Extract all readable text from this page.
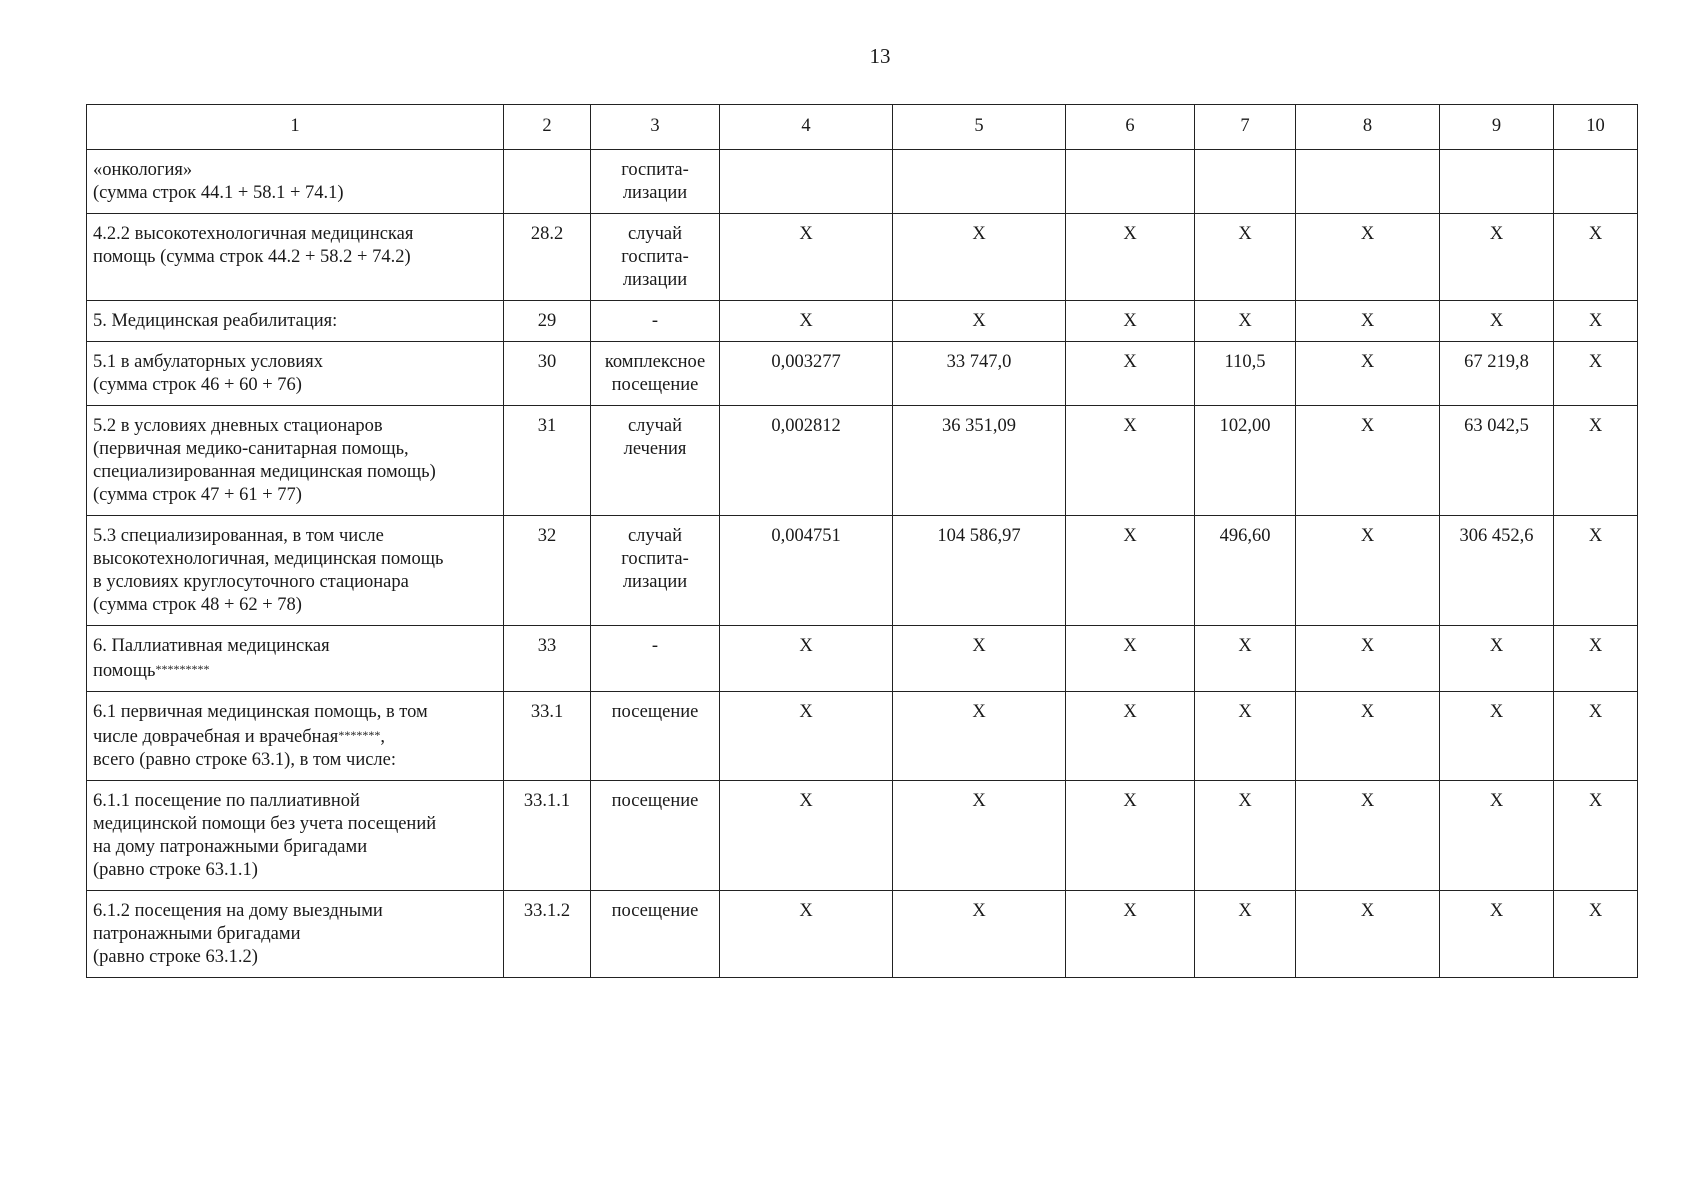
13
1	2	3	4	5	6	7	8	9	10

«онкология»
(сумма строк 44.1 + 58.1 + 74.1)		госпита-
лизации							

4.2.2 высокотехнологичная медицинская
помощь (сумма строк 44.2 + 58.2 + 74.2)	28.2	случай
госпита-
лизации	X	X	X	X	X	X	X

5. Медицинская реабилитация:	29	-	X	X	X	X	X	X	X

5.1 в амбулаторных условиях
(сумма строк 46 + 60 + 76)	30	комплексное
посещение	0,003277	33 747,0	X	110,5	X	67 219,8	X

5.2 в условиях дневных стационаров
(первичная медико-санитарная помощь,
специализированная медицинская помощь)
(сумма строк 47 + 61 + 77)	31	случай
лечения	0,002812	36 351,09	X	102,00	X	63 042,5	X

5.3 специализированная, в том числе
высокотехнологичная, медицинская помощь
в условиях круглосуточного стационара
(сумма строк 48 + 62 + 78)	32	случай
госпита-
лизации	0,004751	104 586,97	X	496,60	X	306 452,6	X

6. Паллиативная медицинская
помощь*********	33	-	X	X	X	X	X	X	X

6.1 первичная медицинская помощь, в том
числе доврачебная и врачебная*******,
всего (равно строке 63.1), в том числе:	33.1	посещение	X	X	X	X	X	X	X

6.1.1 посещение по паллиативной
медицинской помощи без учета посещений
на дому патронажными бригадами
(равно строке 63.1.1)	33.1.1	посещение	X	X	X	X	X	X	X

6.1.2 посещения на дому выездными
патронажными бригадами
(равно строке 63.1.2)	33.1.2	посещение	X	X	X	X	X	X	X
